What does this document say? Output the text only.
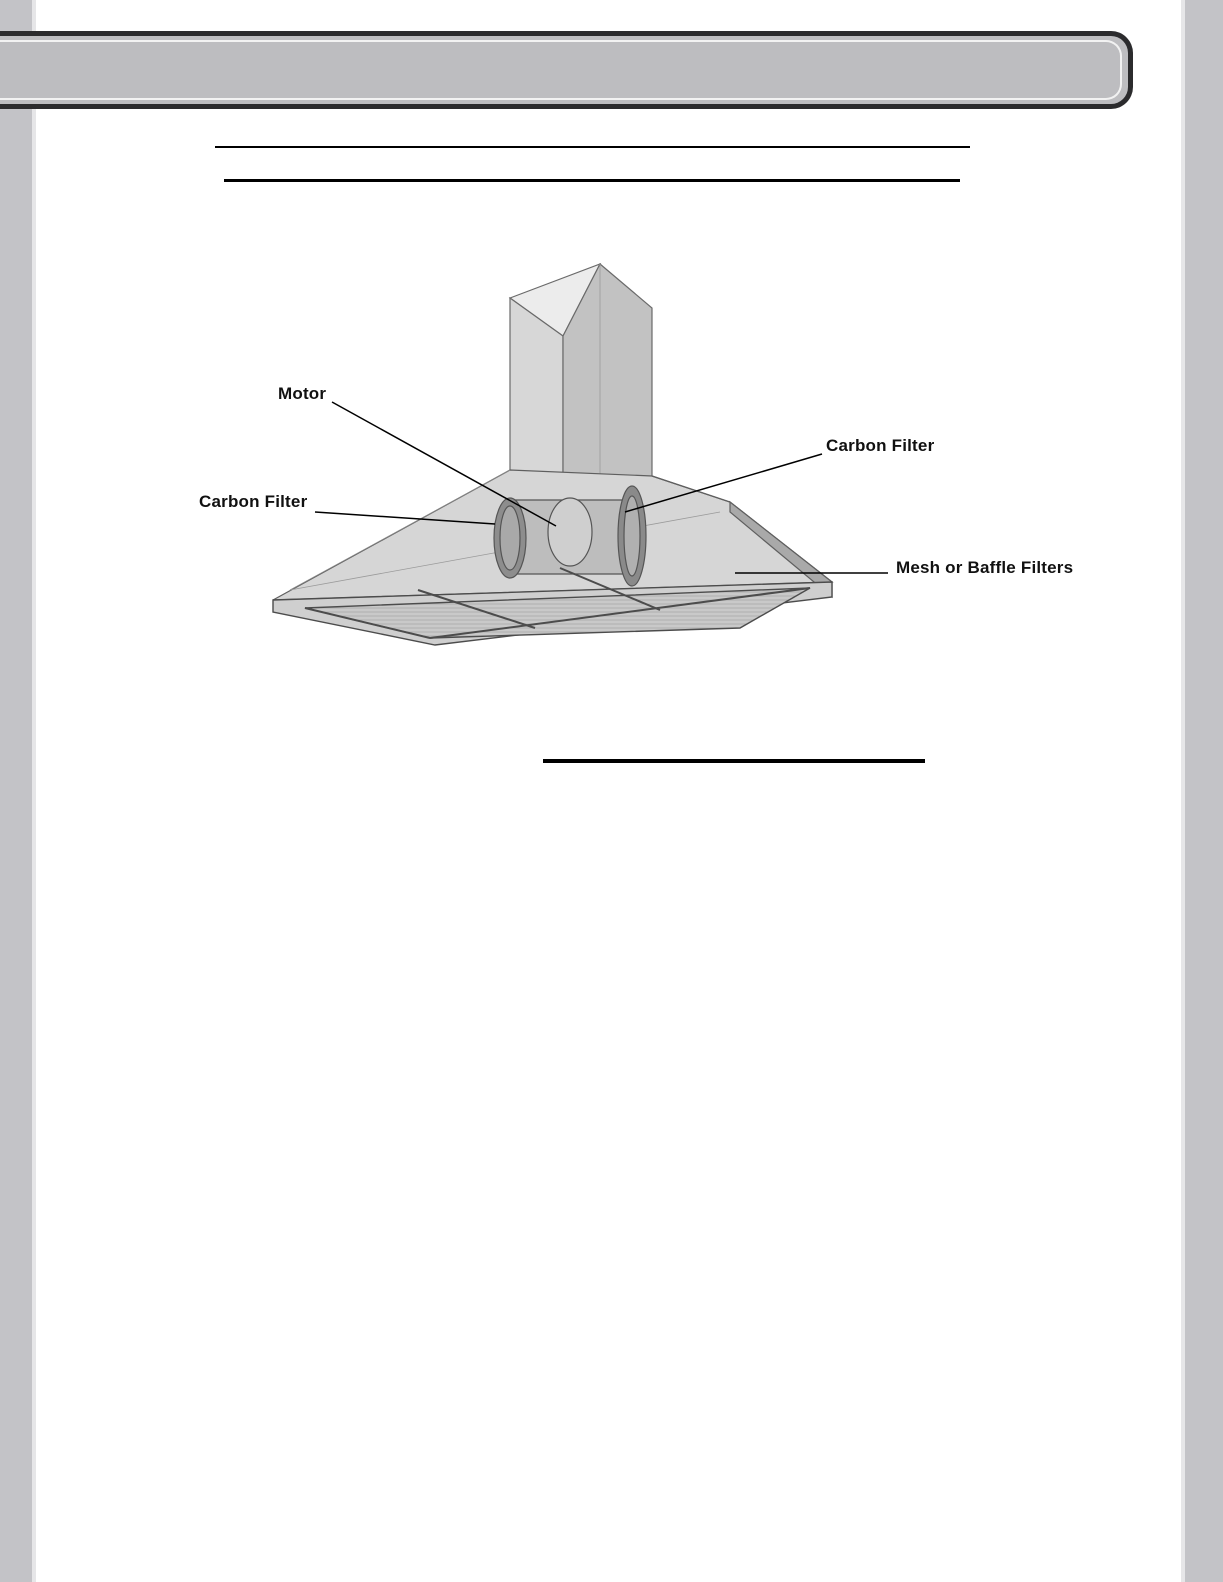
Motor
Carbon Filter
Carbon Filter
Mesh or Baffle Filters
